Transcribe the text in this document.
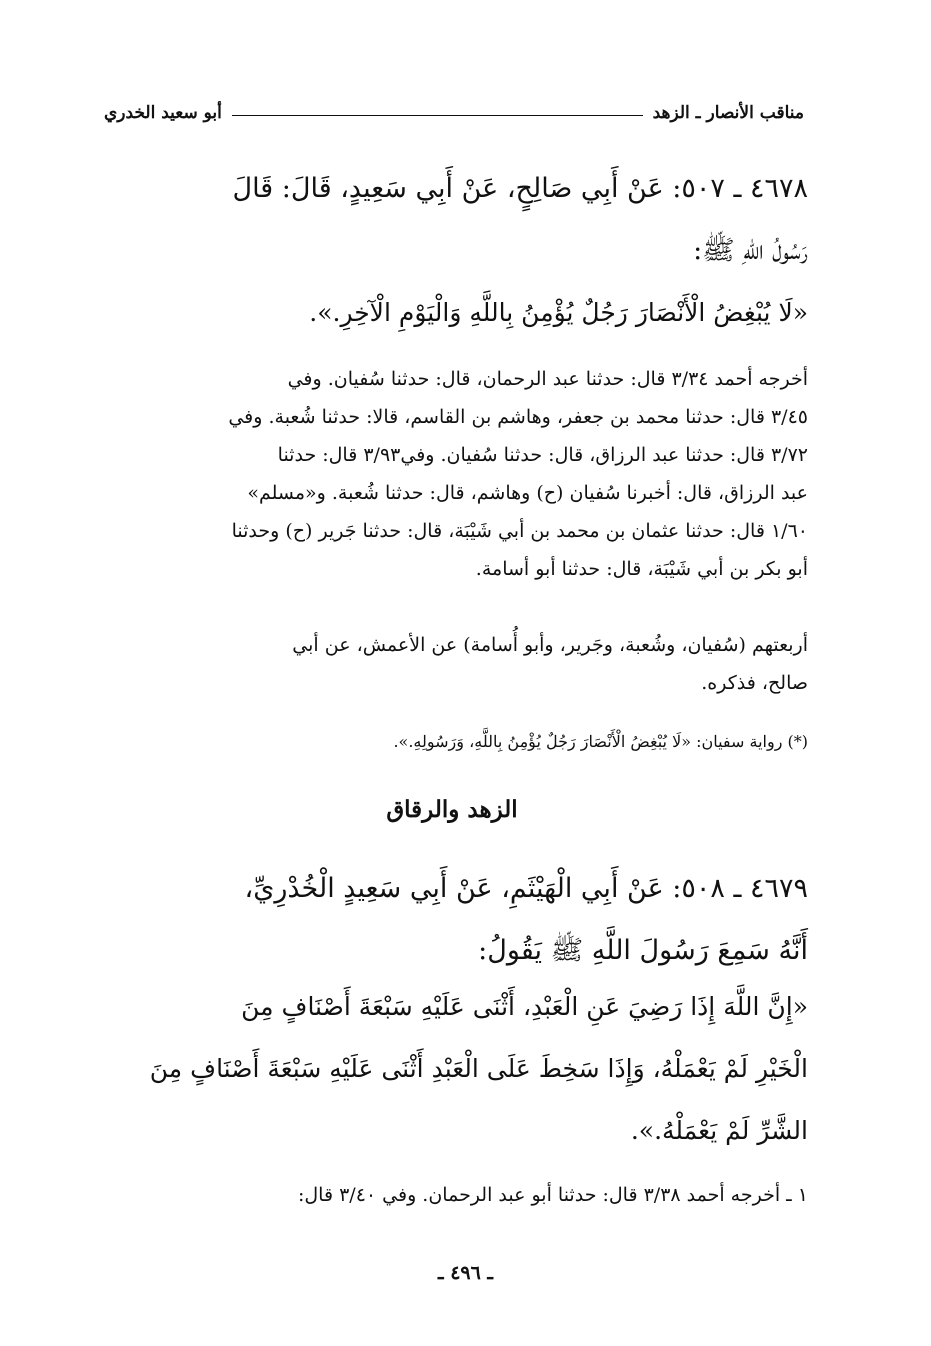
مناقب الأنصار ـ الزهد
أبو سعيد الخدري
٤٦٧٨ ـ ٥٠٧: عَنْ أَبِي صَالِحٍ، عَنْ أَبِي سَعِيدٍ، قَالَ: قَالَ
رَسُولُ اللهِ ﷺ:
«لَا يُبْغِضُ الْأَنْصَارَ رَجُلٌ يُؤْمِنُ بِاللَّهِ وَالْيَوْمِ الْآخِرِ.».
أخرجه أحمد ٣/٣٤ قال: حدثنا عبد الرحمان، قال: حدثنا سُفيان. وفي
٣/٤٥ قال: حدثنا محمد بن جعفر، وهاشم بن القاسم، قالا: حدثنا شُعبة. وفي
٣/٧٢ قال: حدثنا عبد الرزاق، قال: حدثنا سُفيان. وفي٣/٩٣ قال: حدثنا
عبد الرزاق، قال: أخبرنا سُفيان (ح) وهاشم، قال: حدثنا شُعبة. و«مسلم»
١/٦٠ قال: حدثنا عثمان بن محمد بن أبي شَيْبَة، قال: حدثنا جَرير (ح) وحدثنا
أبو بكر بن أبي شَيْبَة، قال: حدثنا أبو أسامة.
أربعتهم (سُفيان، وشُعبة، وجَرير، وأبو أُسامة) عن الأعمش، عن أبي
صالح، فذكره.
(*) رواية سفيان: «لَا يُبْغِضُ الْأَنْصَارَ رَجُلٌ يُؤْمِنُ بِاللَّهِ، وَرَسُولِهِ.».
الزهد والرقاق
٤٦٧٩ ـ ٥٠٨: عَنْ أَبِي الْهَيْثَمِ، عَنْ أَبِي سَعِيدٍ الْخُدْرِيِّ،
أَنَّهُ سَمِعَ رَسُولَ اللَّهِ ﷺ يَقُولُ:
«إِنَّ اللَّهَ إِذَا رَضِيَ عَنِ الْعَبْدِ، أَثْنَى عَلَيْهِ سَبْعَةَ أَصْنَافٍ مِنَ
الْخَيْرِ لَمْ يَعْمَلْهُ، وَإِذَا سَخِطَ عَلَى الْعَبْدِ أَثْنَى عَلَيْهِ سَبْعَةَ أَصْنَافٍ مِنَ
الشَّرِّ لَمْ يَعْمَلْهُ.».
١ ـ أخرجه أحمد ٣/٣٨ قال: حدثنا أبو عبد الرحمان. وفي ٣/٤٠ قال:
ـ ٤٩٦ ـ
